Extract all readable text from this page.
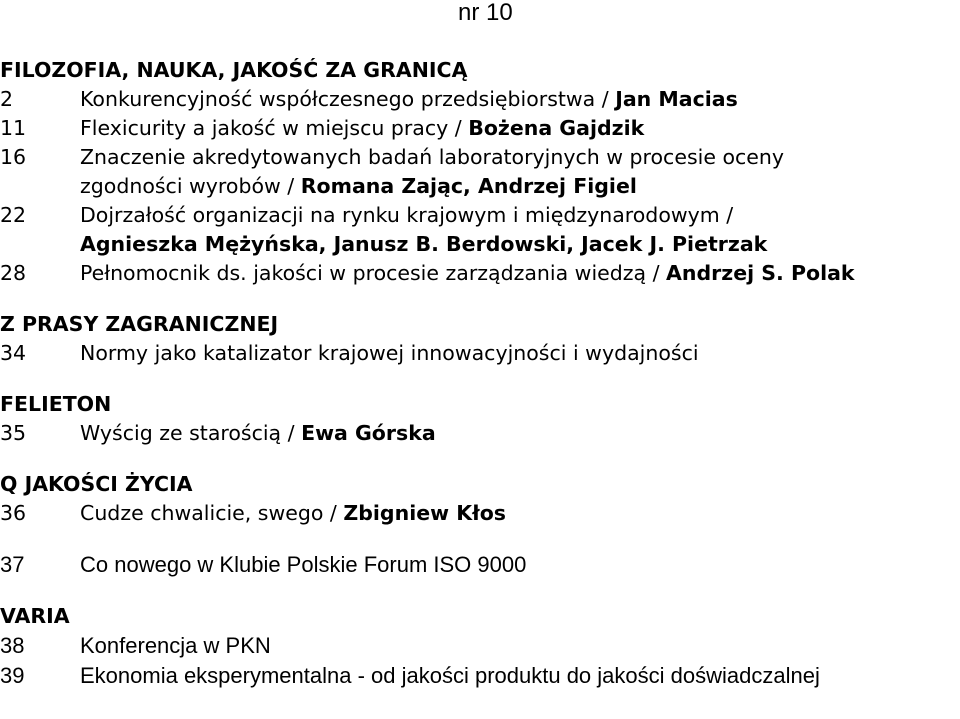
nr 10
FILOZOFIA, NAUKA, JAKOŚĆ ZA GRANICĄ
2	Konkurencyjność współczesnego przedsiębiorstwa / Jan Macias
11	Flexicurity a jakość w miejscu pracy / Bożena Gajdzik
16	Znaczenie akredytowanych badań laboratoryjnych w procesie oceny
zgodności wyrobów / Romana Zając, Andrzej Figiel
22	Dojrzałość organizacji na rynku krajowym i międzynarodowym /
Agnieszka Mężyńska, Janusz B. Berdowski, Jacek J. Pietrzak
28	Pełnomocnik ds. jakości w procesie zarządzania wiedzą / Andrzej S. Polak
Z PRASY ZAGRANICZNEJ
34	Normy jako katalizator krajowej innowacyjności i wydajności
FELIETON
35	Wyścig ze starością / Ewa Górska
Q JAKOŚCI ŻYCIA
36	Cudze chwalicie, swego / Zbigniew Kłos
37	Co nowego w Klubie Polskie Forum ISO 9000
VARIA
38	Konferencja w PKN
39	Ekonomia eksperymentalna - od jakości produktu do jakości doświadczalnej
